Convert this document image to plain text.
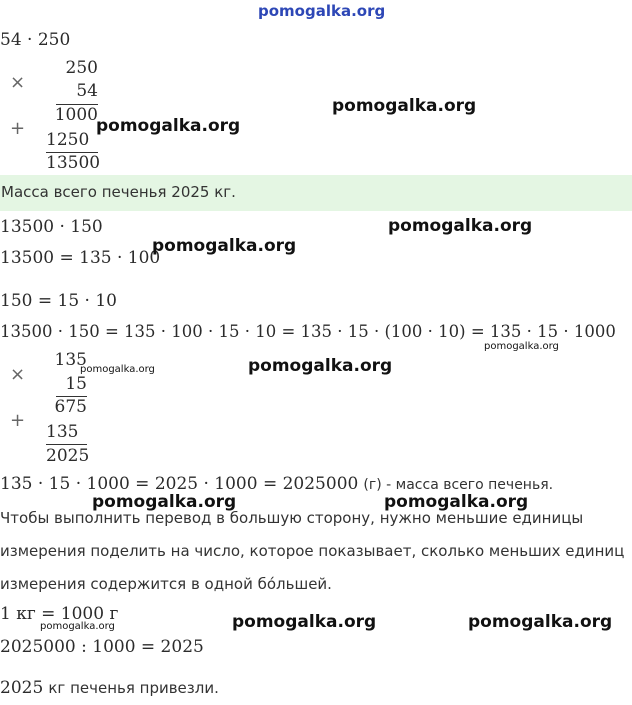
pomogalka.org
54 · 250
×
250
54
1000
+
1250
13500
pomogalka.org
pomogalka.org
Масса всего печенья 2025 кг.
13500 · 150
13500 = 135 · 100
150 = 15 · 10
13500 · 150 = 135 · 100 · 15 · 10 = 135 · 15 · (100 · 10) = 135 · 15 · 1000
pomogalka.org
pomogalka.org
pomogalka.org
135
×	15
675
+
135
2025
pomogalka.org	pomogalka.org
135 · 15 · 1000 = 2025 · 1000 = 2025000 (г) - масса всего печенья.
pomogalka.org	pomogalka.org
Чтобы выполнить перевод в большую сторону, нужно меньшие единицы
измерения поделить на число, которое показывает, сколько меньших единиц
измерения содержится в одной бóльшей.
1 кг = 1000 г
pomogalka.org	pomogalka.org	pomogalka.org
2025000 : 1000 = 2025
2025 кг печенья привезли.
